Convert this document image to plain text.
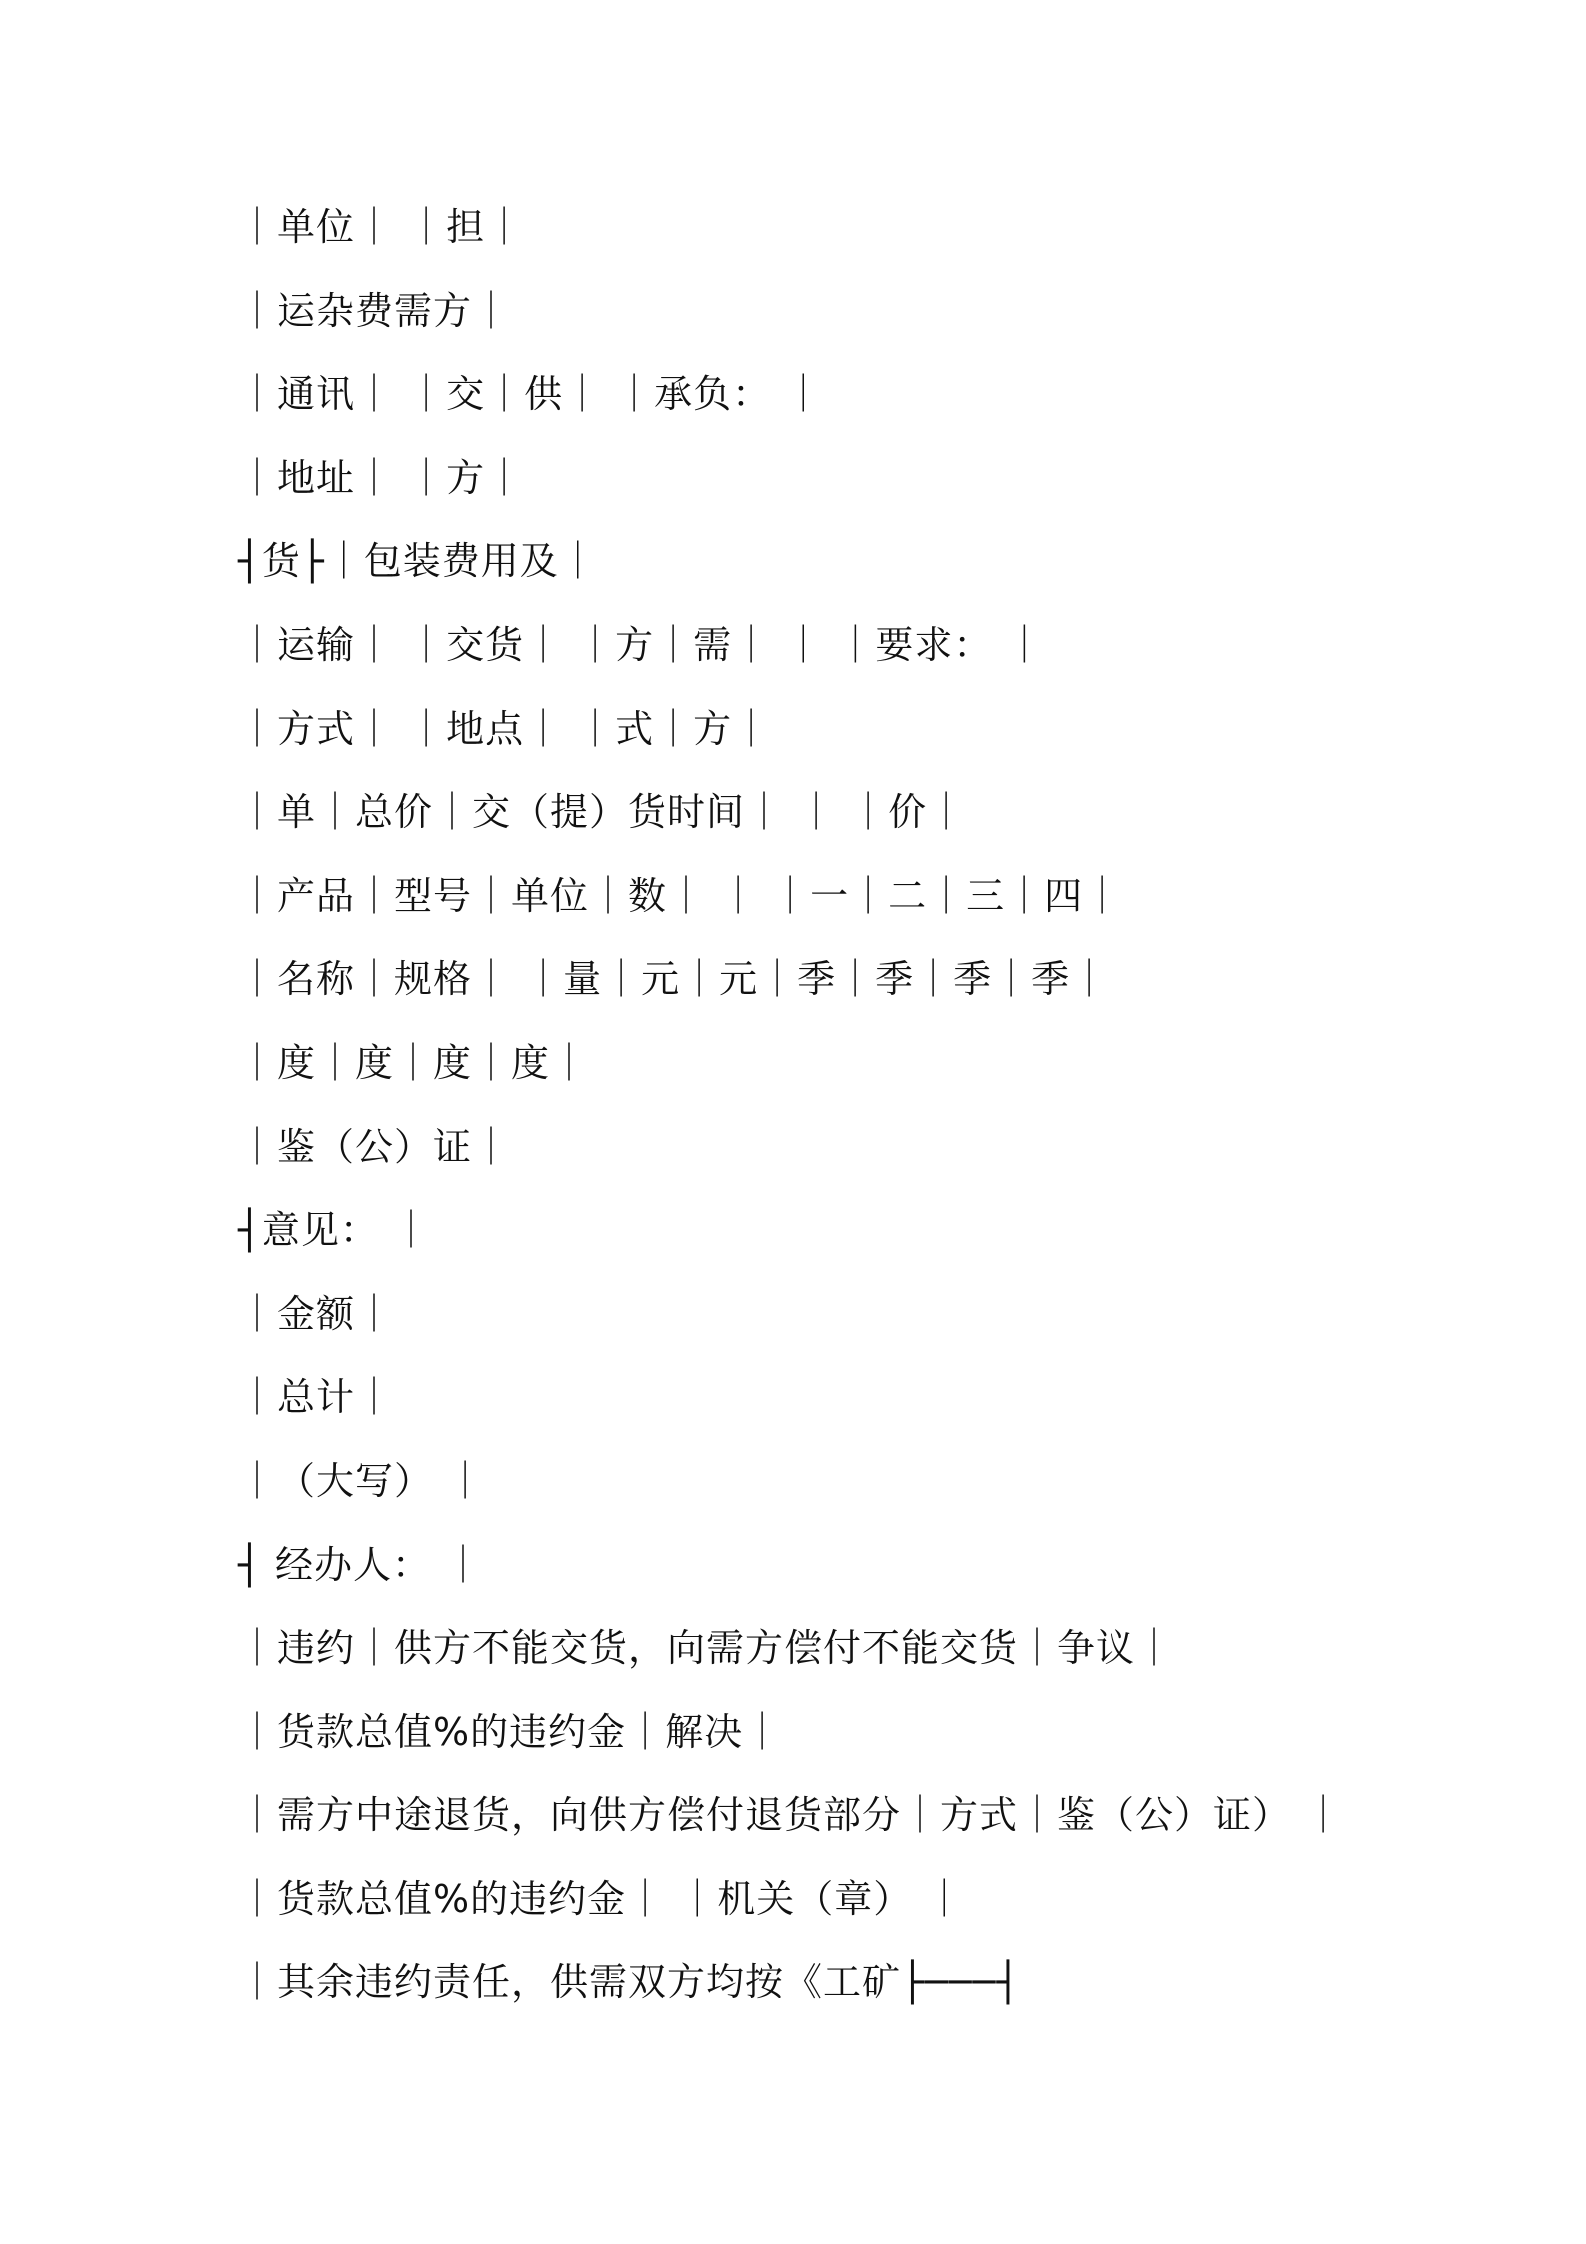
｜单位｜ ｜担｜
｜运杂费需方｜
｜通讯｜ ｜交｜供｜ ｜承负： ｜
｜地址｜ ｜方｜
┤货├｜包装费用及｜
｜运输｜ ｜交货｜ ｜方｜需｜ ｜ ｜要求： ｜
｜方式｜ ｜地点｜ ｜式｜方｜
｜单｜总价｜交（提）货时间｜ ｜ ｜价｜
｜产品｜型号｜单位｜数｜ ｜ ｜一｜二｜三｜四｜
｜名称｜规格｜ ｜量｜元｜元｜季｜季｜季｜季｜
｜度｜度｜度｜度｜
｜鉴（公）证｜
┤意见： ｜
｜金额｜
｜总计｜
｜（大写） ｜
┤ 经办人： ｜
｜违约｜供方不能交货，向需方偿付不能交货｜争议｜
｜货款总值%的违约金｜解决｜
｜需方中途退货，向供方偿付退货部分｜方式｜鉴（公）证） ｜
｜货款总值%的违约金｜ ｜机关（章） ｜
｜其余违约责任，供需双方均按《工矿├───┤
